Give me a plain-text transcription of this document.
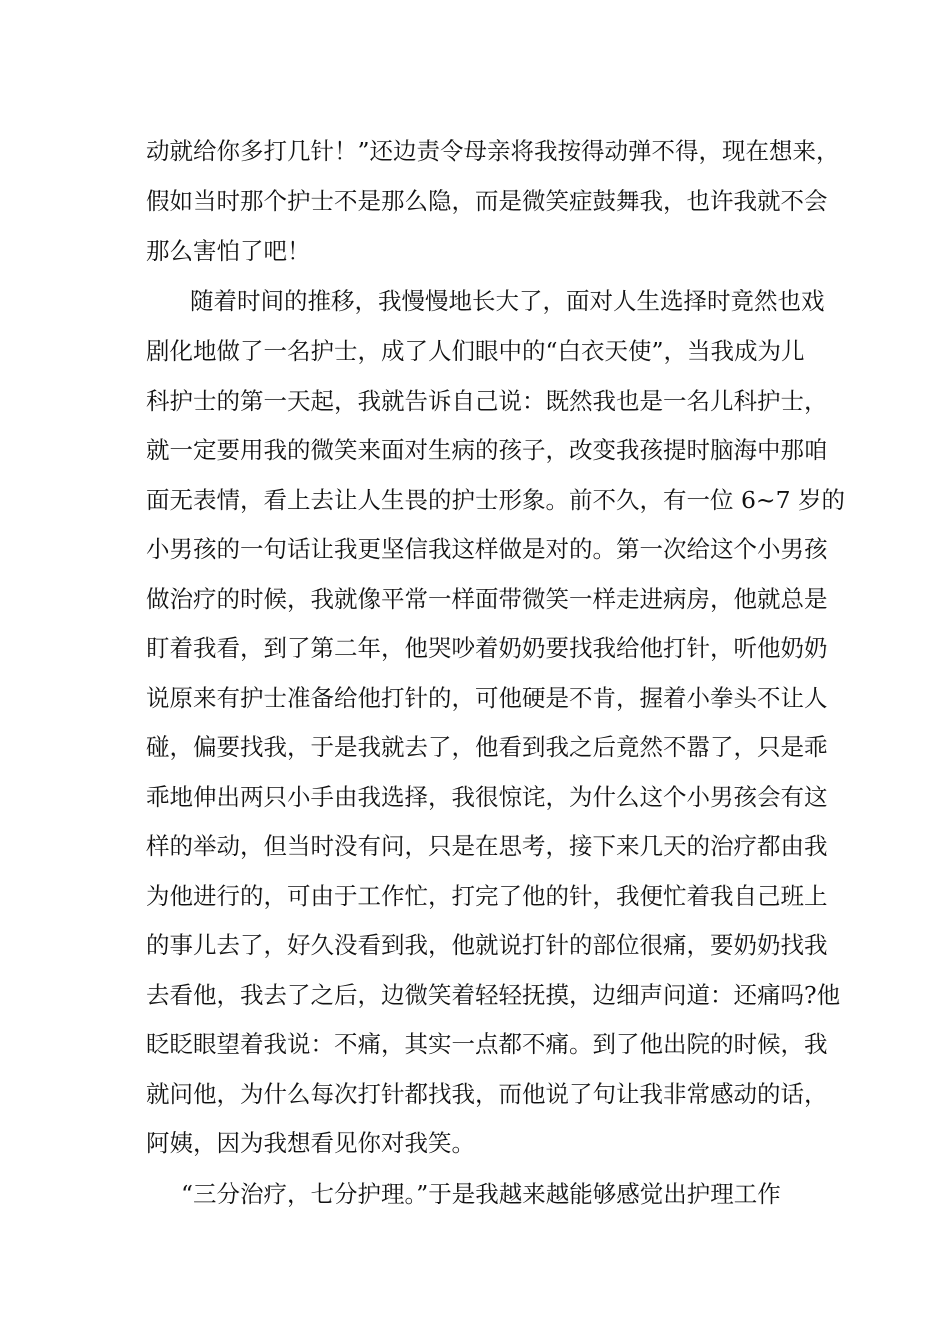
动就给你多打几针！”还边责令母亲将我按得动弹不得，现在想来，
假如当时那个护士不是那么隐，而是微笑症鼓舞我，也许我就不会
那么害怕了吧！
随着时间的推移，我慢慢地长大了，面对人生选择时竟然也戏
剧化地做了一名护士，成了人们眼中的“白衣天使”，当我成为儿
科护士的第一天起，我就告诉自己说：既然我也是一名儿科护士，
就一定要用我的微笑来面对生病的孩子，改变我孩提时脑海中那咱
面无表情，看上去让人生畏的护士形象。前不久，有一位 6~7 岁的
小男孩的一句话让我更坚信我这样做是对的。第一次给这个小男孩
做治疗的时候，我就像平常一样面带微笑一样走进病房，他就总是
盯着我看，到了第二年，他哭吵着奶奶要找我给他打针，听他奶奶
说原来有护士准备给他打针的，可他硬是不肯，握着小拳头不让人
碰，偏要找我，于是我就去了，他看到我之后竟然不嚣了，只是乖
乖地伸出两只小手由我选择，我很惊诧，为什么这个小男孩会有这
样的举动，但当时没有问，只是在思考，接下来几天的治疗都由我
为他进行的，可由于工作忙，打完了他的针，我便忙着我自己班上
的事儿去了，好久没看到我，他就说打针的部位很痛，要奶奶找我
去看他，我去了之后，边微笑着轻轻抚摸，边细声问道：还痛吗?他
眨眨眼望着我说：不痛，其实一点都不痛。到了他出院的时候，我
就问他，为什么每次打针都找我，而他说了句让我非常感动的话，
阿姨，因为我想看见你对我笑。
“三分治疗，七分护理。”于是我越来越能够感觉出护理工作
